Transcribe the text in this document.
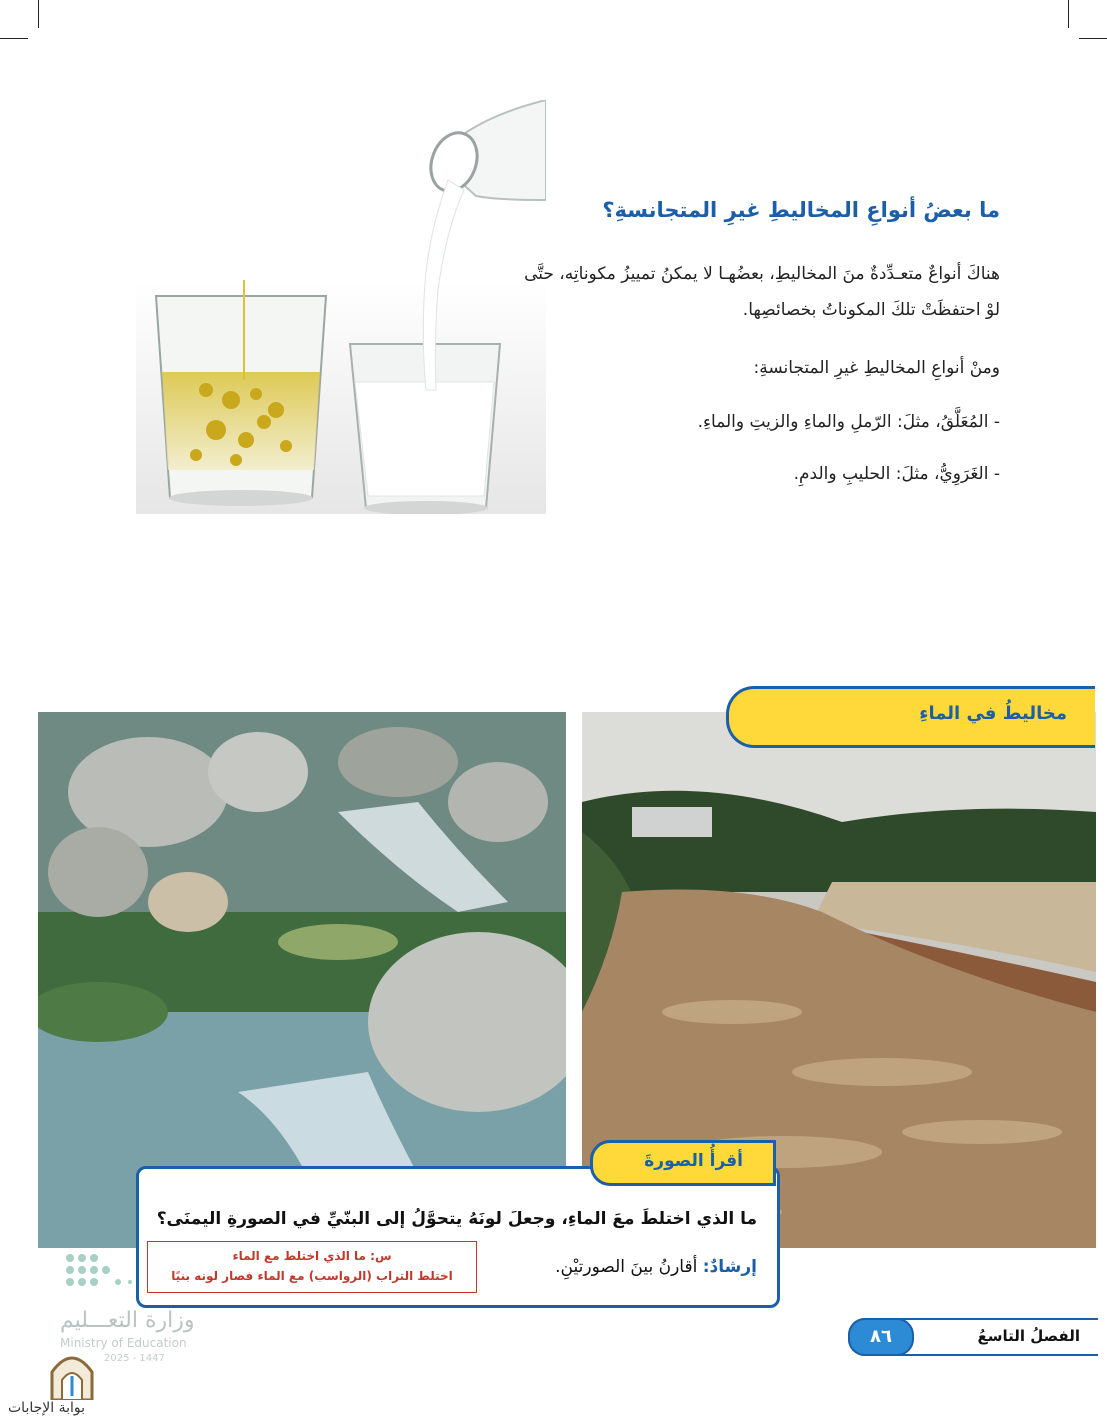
ما بعضُ أنواعِ المخاليطِ غيرِ المتجانسةِ؟
هناكَ أنواعٌ متعـدِّدةٌ منَ المخاليطِ، بعضُهـا لا يمكنُ تمييزُ مكوناتِه، حتَّى لوْ احتفظَتْ تلكَ المكوناتُ بخصائصِها.
ومنْ أنواعِ المخاليطِ غيرِ المتجانسةِ:
- المُعَلَّقُ، مثلَ: الرّملِ والماءِ والزيتِ والماءِ.
- الغَرَوِيُّ، مثلَ: الحليبِ والدمِ.
مخاليطُ في الماءِ
ما الذي اختلطَ معَ الماءِ، وجعلَ لونَهُ يتحوَّلُ إلى البنّيِّ في الصورةِ اليمنَى؟
إرشادٌ: أقارنُ بينَ الصورتيْنِ.
س: ما الذي اختلط مع الماء
اختلط التراب (الرواسب) مع الماء فصار لونه بنيًا
أقرأُ الصورةَ
وزارة التعـــليم
Ministry of Education
2025 - 1447
الفصلُ التاسعُ
٨٦
بوابة الإجابات
